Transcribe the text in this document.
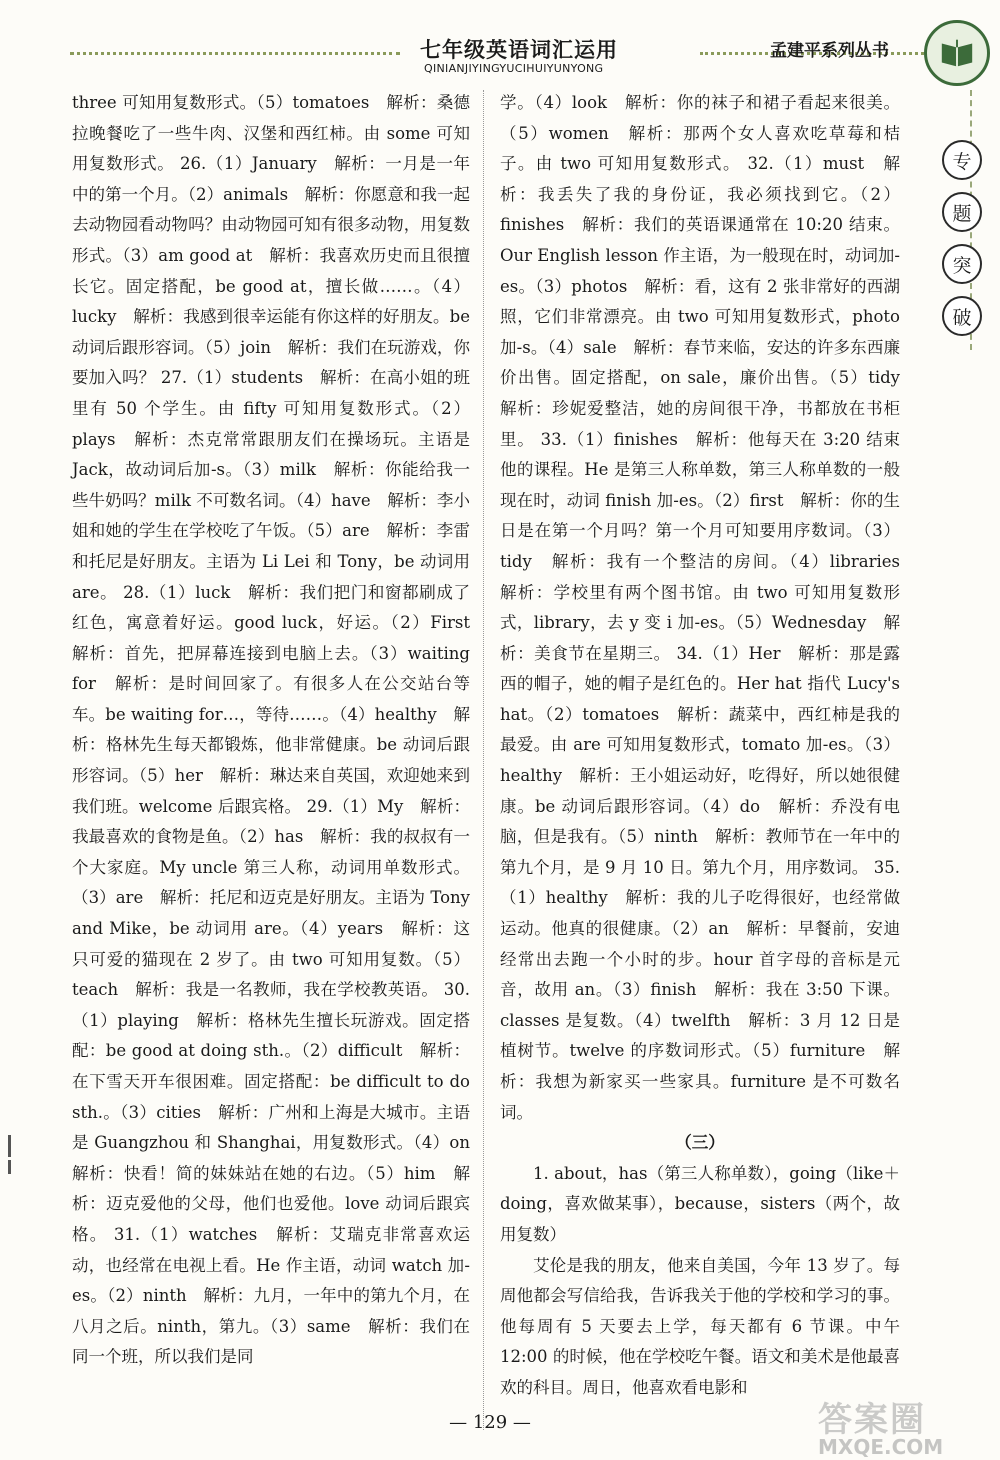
七年级英语词汇运用
QINIANJIYINGYUCIHUIYUNYONG
孟建平系列丛书
专
题
突
破

three 可知用复数形式。（5）tomatoes　解析：桑德拉晚餐吃了一些牛肉、汉堡和西红柿。由 some 可知用复数形式。 26.（1）January　解析：一月是一年中的第一个月。（2）animals　解析：你愿意和我一起去动物园看动物吗？由动物园可知有很多动物，用复数形式。（3）am good at　解析：我喜欢历史而且很擅长它。固定搭配，be good at，擅长做……。（4）lucky　解析：我感到很幸运能有你这样的好朋友。be 动词后跟形容词。（5）join　解析：我们在玩游戏，你要加入吗？ 27.（1）students　解析：在高小姐的班里有 50 个学生。由 fifty 可知用复数形式。（2）plays　解析：杰克常常跟朋友们在操场玩。主语是 Jack，故动词后加-s。（3）milk　解析：你能给我一些牛奶吗？milk 不可数名词。（4）have　解析：李小姐和她的学生在学校吃了午饭。（5）are　解析：李雷和托尼是好朋友。主语为 Li Lei 和 Tony，be 动词用 are。 28.（1）luck　解析：我们把门和窗都刷成了红色，寓意着好运。good luck，好运。（2）First　解析：首先，把屏幕连接到电脑上去。（3）waiting for　解析：是时间回家了。有很多人在公交站台等车。be waiting for…，等待……。（4）healthy　解析：格林先生每天都锻炼，他非常健康。be 动词后跟形容词。（5）her　解析：琳达来自英国，欢迎她来到我们班。welcome 后跟宾格。 29.（1）My　解析：我最喜欢的食物是鱼。（2）has　解析：我的叔叔有一个大家庭。My uncle 第三人称，动词用单数形式。（3）are　解析：托尼和迈克是好朋友。主语为 Tony and Mike，be 动词用 are。（4）years　解析：这只可爱的猫现在 2 岁了。由 two 可知用复数。（5）teach　解析：我是一名教师，我在学校教英语。 30.（1）playing　解析：格林先生擅长玩游戏。固定搭配：be good at doing sth.。（2）difficult　解析：在下雪天开车很困难。固定搭配：be difficult to do sth.。（3）cities　解析：广州和上海是大城市。主语是 Guangzhou 和 Shanghai，用复数形式。（4）on　解析：快看！简的妹妹站在她的右边。（5）him　解析：迈克爱他的父母，他们也爱他。love 动词后跟宾格。 31.（1）watches　解析：艾瑞克非常喜欢运动，也经常在电视上看。He 作主语，动词 watch 加-es。（2）ninth　解析：九月，一年中的第九个月，在八月之后。ninth，第九。（3）same　解析：我们在同一个班，所以我们是同

学。（4）look　解析：你的袜子和裙子看起来很美。（5）women　解析：那两个女人喜欢吃草莓和桔子。由 two 可知用复数形式。 32.（1）must　解析：我丢失了我的身份证，我必须找到它。（2）finishes　解析：我们的英语课通常在 10:20 结束。Our English lesson 作主语，为一般现在时，动词加-es。（3）photos　解析：看，这有 2 张非常好的西湖照，它们非常漂亮。由 two 可知用复数形式，photo 加-s。（4）sale　解析：春节来临，安达的许多东西廉价出售。固定搭配，on sale，廉价出售。（5）tidy　解析：珍妮爱整洁，她的房间很干净，书都放在书柜里。 33.（1）finishes　解析：他每天在 3:20 结束他的课程。He 是第三人称单数，第三人称单数的一般现在时，动词 finish 加-es。（2）first　解析：你的生日是在第一个月吗？第一个月可知要用序数词。（3）tidy　解析：我有一个整洁的房间。（4）libraries　解析：学校里有两个图书馆。由 two 可知用复数形式，library，去 y 变 i 加-es。（5）Wednesday　解析：美食节在星期三。 34.（1）Her　解析：那是露西的帽子，她的帽子是红色的。Her hat 指代 Lucy's hat。（2）tomatoes　解析：蔬菜中，西红柿是我的最爱。由 are 可知用复数形式，tomato 加-es。（3）healthy　解析：王小姐运动好，吃得好，所以她很健康。be 动词后跟形容词。（4）do　解析：乔没有电脑，但是我有。（5）ninth　解析：教师节在一年中的第九个月，是 9 月 10 日。第九个月，用序数词。 35.（1）healthy　解析：我的儿子吃得很好，也经常做运动。他真的很健康。（2）an　解析：早餐前，安迪经常出去跑一个小时的步。hour 首字母的音标是元音，故用 an。（3）finish　解析：我在 3:50 下课。classes 是复数。（4）twelfth　解析：3 月 12 日是植树节。twelve 的序数词形式。（5）furniture　解析：我想为新家买一些家具。furniture 是不可数名词。

（三）

1. about，has（第三人称单数），going（like＋doing，喜欢做某事），because，sisters（两个，故用复数）

艾伦是我的朋友，他来自美国，今年 13 岁了。每周他都会写信给我，告诉我关于他的学校和学习的事。他每周有 5 天要去上学，每天都有 6 节课。中午 12:00 的时候，他在学校吃午餐。语文和美术是他最喜欢的科目。周日，他喜欢看电影和

— 129 —	答案圈
MXQE.COM
